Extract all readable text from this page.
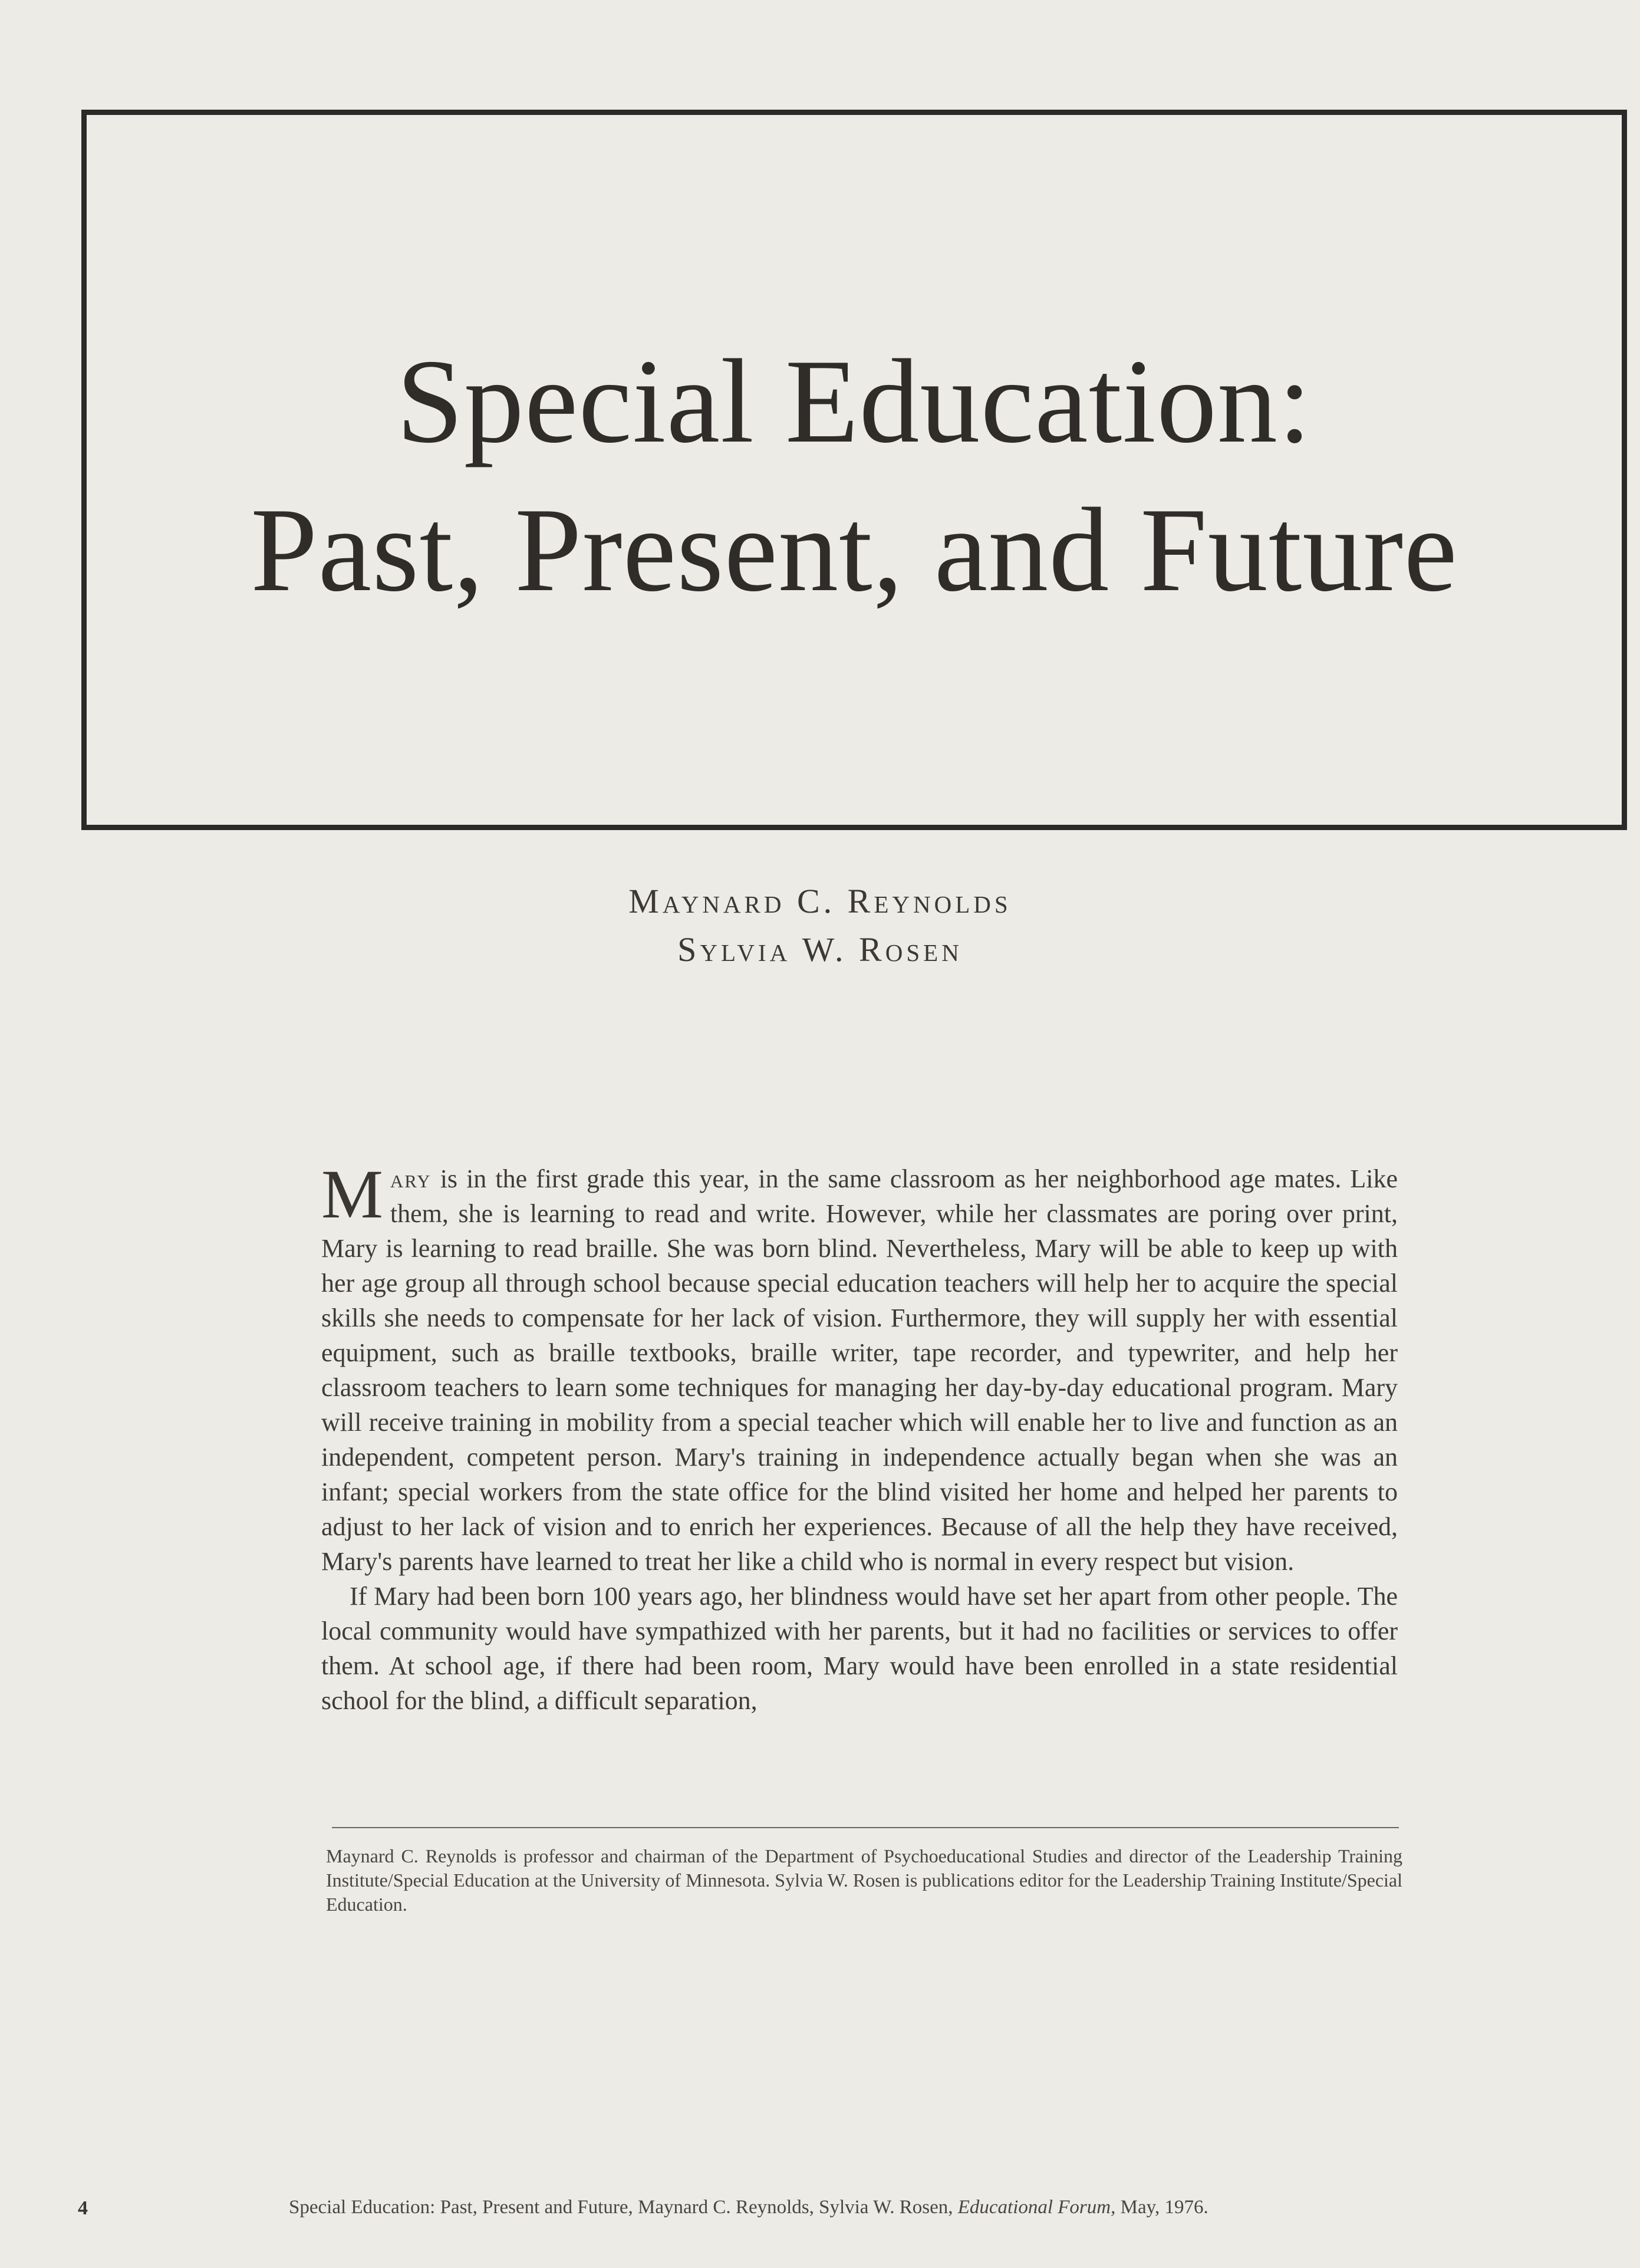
Special Education:
Past, Present, and Future
Maynard C. Reynolds
Sylvia W. Rosen

Mary is in the first grade this year, in the same classroom as her neighborhood age mates. Like them, she is learning to read and write. However, while her classmates are poring over print, Mary is learning to read braille. She was born blind. Nevertheless, Mary will be able to keep up with her age group all through school because special education teachers will help her to acquire the special skills she needs to compensate for her lack of vision. Furthermore, they will supply her with essential equipment, such as braille textbooks, braille writer, tape recorder, and typewriter, and help her classroom teachers to learn some techniques for managing her day-by-day educational program. Mary will receive training in mobility from a special teacher which will enable her to live and function as an independent, competent person. Mary's training in independence actually began when she was an infant; special workers from the state office for the blind visited her home and helped her parents to adjust to her lack of vision and to enrich her experiences. Because of all the help they have received, Mary's parents have learned to treat her like a child who is normal in every respect but vision.

If Mary had been born 100 years ago, her blindness would have set her apart from other people. The local community would have sympathized with her parents, but it had no facilities or services to offer them. At school age, if there had been room, Mary would have been enrolled in a state residential school for the blind, a difficult separation,

Maynard C. Reynolds is professor and chairman of the Department of Psychoeducational Studies and director of the Leadership Training Institute/Special Education at the University of Minnesota. Sylvia W. Rosen is publications editor for the Leadership Training Institute/Special Education.
4	Special Education: Past, Present and Future, Maynard C. Reynolds, Sylvia W. Rosen, Educational Forum, May, 1976.
